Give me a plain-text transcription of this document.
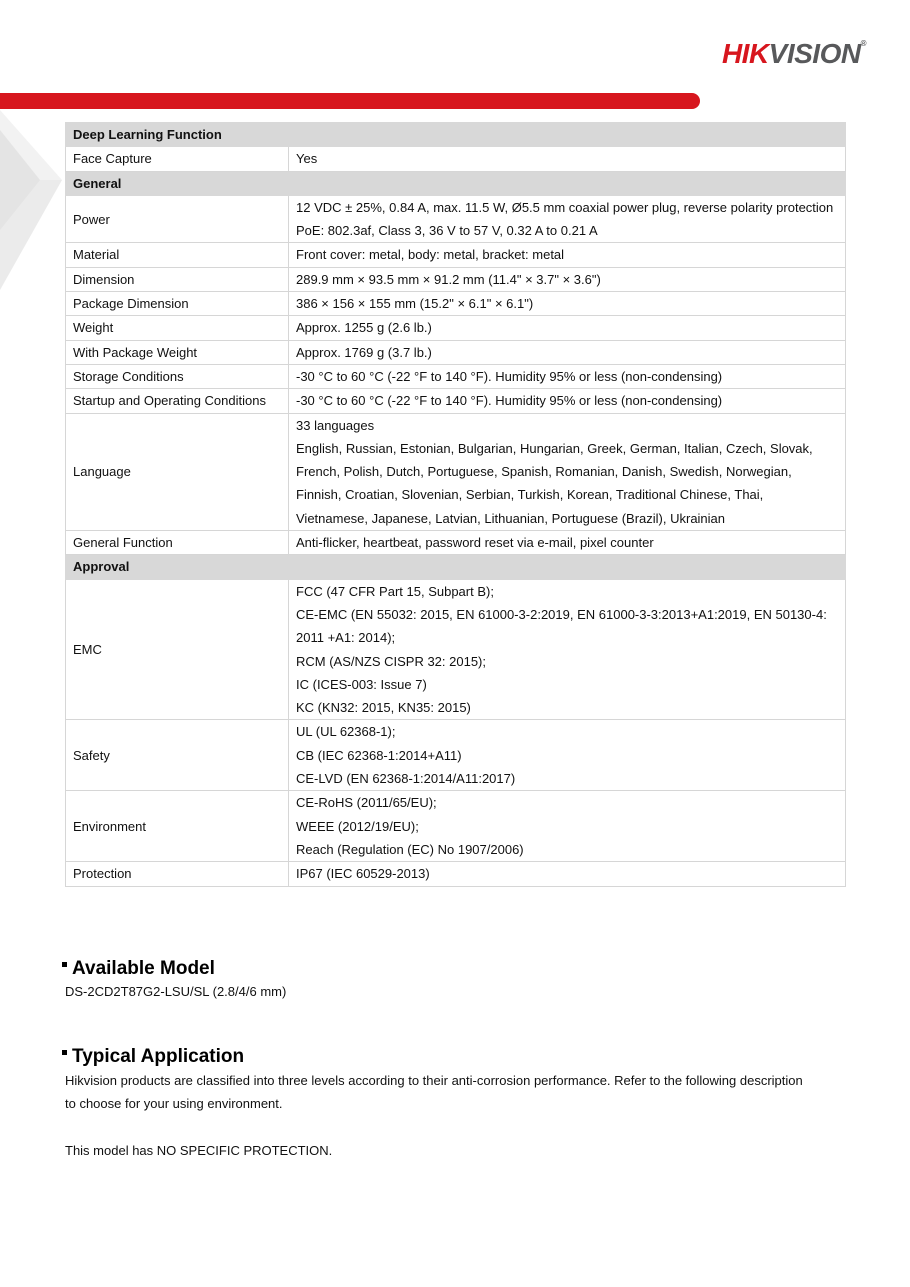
HIKVISION®
Deep Learning Function	
Face Capture	Yes

General	
Power	12 VDC ± 25%, 0.84 A, max. 11.5 W, Ø5.5 mm coaxial power plug, reverse polarity protection
PoE: 802.3af, Class 3, 36 V to 57 V, 0.32 A to 0.21 A

Material	Front cover: metal, body: metal, bracket: metal

Dimension	289.9 mm × 93.5 mm × 91.2 mm (11.4" × 3.7" × 3.6")

Package Dimension	386 × 156 × 155 mm (15.2" × 6.1" × 6.1")

Weight	Approx. 1255 g (2.6 lb.)

With Package Weight	Approx. 1769 g (3.7 lb.)

Storage Conditions	-30 °C to 60 °C (-22 °F to 140 °F). Humidity 95% or less (non-condensing)

Startup and Operating Conditions	-30 °C to 60 °C (-22 °F to 140 °F). Humidity 95% or less (non-condensing)

Language	33 languages
English, Russian, Estonian, Bulgarian, Hungarian, Greek, German, Italian, Czech, Slovak, French, Polish, Dutch, Portuguese, Spanish, Romanian, Danish, Swedish, Norwegian, Finnish, Croatian, Slovenian, Serbian, Turkish, Korean, Traditional Chinese, Thai, Vietnamese, Japanese, Latvian, Lithuanian, Portuguese (Brazil), Ukrainian

General Function	Anti-flicker, heartbeat, password reset via e-mail, pixel counter

Approval	
EMC	FCC (47 CFR Part 15, Subpart B);
CE-EMC (EN 55032: 2015, EN 61000-3-2:2019, EN 61000-3-3:2013+A1:2019, EN 50130-4: 2011 +A1: 2014);
RCM (AS/NZS CISPR 32: 2015);
IC (ICES-003: Issue 7)
KC (KN32: 2015, KN35: 2015)

Safety	UL (UL 62368-1);
CB (IEC 62368-1:2014+A11)
CE-LVD (EN 62368-1:2014/A11:2017)

Environment	CE-RoHS (2011/65/EU);
WEEE (2012/19/EU);
Reach (Regulation (EC) No 1907/2006)

Protection	IP67 (IEC 60529-2013)
Available Model
DS-2CD2T87G2-LSU/SL (2.8/4/6 mm)
Typical Application
Hikvision products are classified into three levels according to their anti-corrosion performance. Refer to the following description to choose for your using environment.
This model has NO SPECIFIC PROTECTION.
